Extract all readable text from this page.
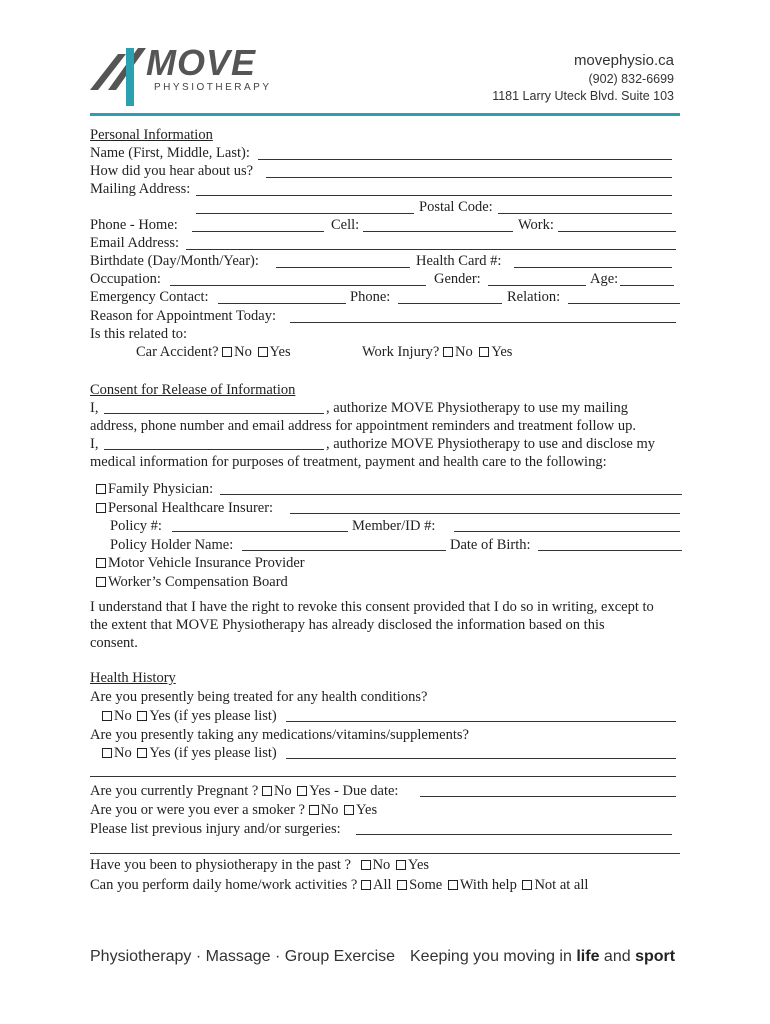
MOVE
PHYSIOTHERAPY
movephysio.ca
(902) 832-6699
1181 Larry Uteck Blvd. Suite 103
Personal Information
Name (First, Middle, Last):
How did you hear about us?
Mailing Address:
Postal Code:
Phone - Home:	Cell:	Work:
Email Address:
Birthdate (Day/Month/Year):	Health Card #:
Occupation:	Gender:	Age:
Emergency Contact:	Phone:	Relation:
Reason for Appointment Today:
Is this related to:
Car Accident? No Yes	Work Injury? No Yes
Consent for Release of Information
I,	, authorize MOVE Physiotherapy to use my mailing
address, phone number and email address for appointment reminders and treatment follow up.
I,	, authorize MOVE Physiotherapy to use and disclose my
medical information for purposes of treatment, payment and health care to the following:
Family Physician:
Personal Healthcare Insurer:
Policy #:	Member/ID #:
Policy Holder Name:	Date of Birth:
Motor Vehicle Insurance Provider
Worker’s Compensation Board
I understand that I have the right to revoke this consent provided that I do so in writing, except to
the extent that MOVE Physiotherapy has already disclosed the information based on this
consent.
Health History
Are you presently being treated for any health conditions?
No Yes (if yes please list)
Are you presently taking any medications/vitamins/supplements?
No Yes (if yes please list)
Are you currently Pregnant ? No Yes - Due date:
Are you or were you ever a smoker ? No Yes
Please list previous injury and/or surgeries:
Have you been to physiotherapy in the past ? No Yes
Can you perform daily home/work activities ? All Some With help Not at all
Physiotherapy · Massage · Group Exercise Keeping you moving in life and sport
